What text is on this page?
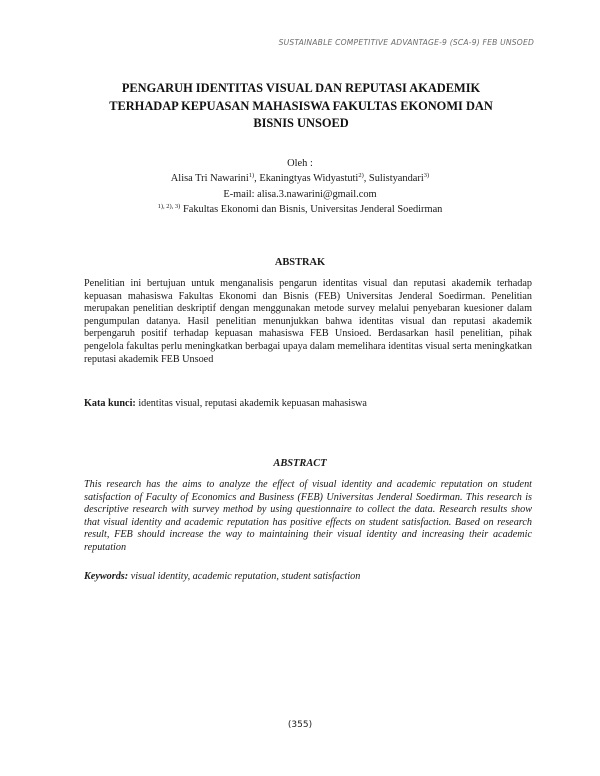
SUSTAINABLE COMPETITIVE ADVANTAGE-9 (SCA-9) FEB UNSOED
PENGARUH IDENTITAS VISUAL DAN REPUTASI AKADEMIK
TERHADAP KEPUASAN MAHASISWA FAKULTAS EKONOMI DAN
BISNIS UNSOED
Oleh :
Alisa Tri Nawarini$^{1)}$, Ekaningtyas Widyastuti$^{2)}$, Sulistyandari$^{3)}$
E-mail: alisa.3.nawarini@gmail.com
$^{1), 2), 3)}$ Fakultas Ekonomi dan Bisnis, Universitas Jenderal Soedirman
ABSTRAK
Penelitian ini bertujuan untuk menganalisis pengarun identitas visual dan reputasi akademik terhadap kepuasan mahasiswa Fakultas Ekonomi dan Bisnis (FEB) Universitas Jenderal Soedirman. Penelitian merupakan penelitian deskriptif dengan menggunakan metode survey melalui penyebaran kuesioner dalam pengumpulan datanya. Hasil penelitian menunjukkan bahwa identitas visual dan reputasi akademik berpengaruh positif terhadap kepuasan mahasiswa FEB Unsioed. Berdasarkan hasil penelitian, pihak pengelola fakultas perlu meningkatkan berbagai upaya dalam memelihara identitas visual serta meningkatkan reputasi akademik FEB Unsoed
Kata kunci: identitas visual, reputasi akademik kepuasan mahasiswa
ABSTRACT
This research has the aims to analyze the effect of visual identity and academic reputation on student satisfaction of Faculty of Economics and Business (FEB) Universitas Jenderal Soedirman. This research is descriptive research with survey method by using questionnaire to collect the data. Research results show that visual identity and academic reputation has positive effects on student satisfaction. Based on research result, FEB should increase the way to maintaining their visual identity and increasing their academic reputation
Keywords: visual identity, academic reputation, student satisfaction
(355)
